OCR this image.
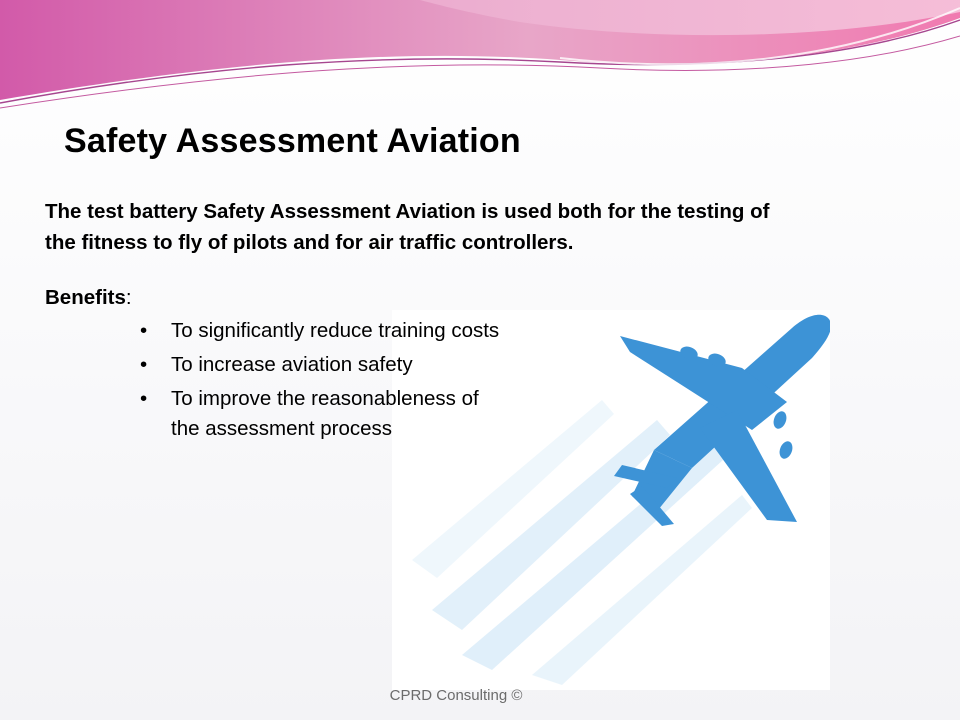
Safety Assessment Aviation
The test battery Safety Assessment Aviation is used both for the testing of the fitness to fly of pilots and for air traffic controllers.
Benefits:
• To significantly reduce training costs
• To increase aviation safety
• To improve the reasonableness of the assessment process
CPRD Consulting ©
